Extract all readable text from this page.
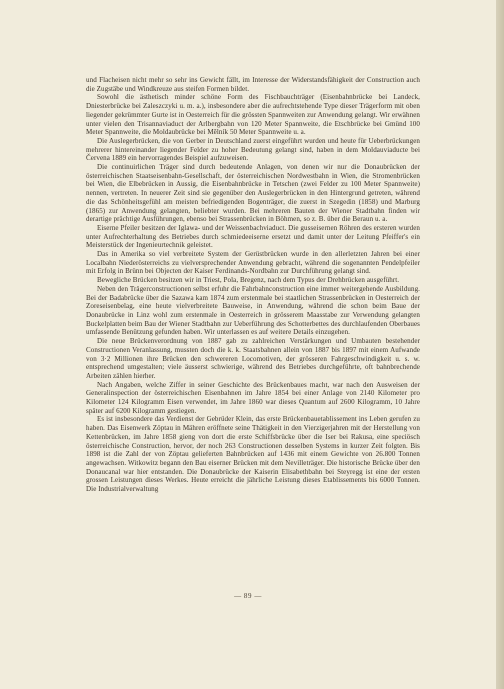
und Flacheisen nicht mehr so sehr ins Gewicht fällt, im Interesse der Widerstandsfähigkeit der Construction auch die Zugstäbe und Windkreuze aus steifen Formen bildet.

Sowohl die ästhetisch minder schöne Form des Fischbauchträger (Eisenbahnbrücke bei Landeck, Dniesterbrücke bei Zaleszczyki u. m. a.), insbesondere aber die aufrechtstehende Type dieser Trägerform mit oben liegender gekrümmter Gurte ist in Oesterreich für die grössten Spannweiten zur Anwendung gelangt. Wir erwähnen unter vielen den Trisannaviaduct der Arlbergbahn von 120 Meter Spannweite, die Etschbrücke bei Gmünd 100 Meter Spannweite, die Moldaubrücke bei Mělník 50 Meter Spannweite u. a.

Die Auslegerbrücken, die von Gerber in Deutschland zuerst eingeführt wurden und heute für Ueberbrückungen mehrerer hintereinander liegender Felder zu hoher Bedeutung gelangt sind, haben in dem Moldauviaducte bei Červena 1889 ein hervorragendes Beispiel aufzuweisen.

Die continuirlichen Träger sind durch bedeutende Anlagen, von denen wir nur die Donaubrücken der österreichischen Staatseisenbahn-Gesellschaft, der österreichischen Nordwestbahn in Wien, die Stromenbrücken bei Wien, die Elbebrücken in Aussig, die Eisenbahnbrücke in Tetschen (zwei Felder zu 100 Meter Spannweite) nennen, vertreten. In neuerer Zeit sind sie gegenüber den Auslegerbrücken in den Hintergrund getreten, während die das Schönheitsgefühl am meisten befriedigenden Bogenträger, die zuerst in Szegedin (1858) und Marburg (1865) zur Anwendung gelangten, beliebter wurden. Bei mehreren Bauten der Wiener Stadtbahn finden wir derartige prächtige Ausführungen, ebenso bei Strassenbrücken in Böhmen, so z. B. über die Beraun u. a.

Eiserne Pfeiler besitzen der Iglawa- und der Weissenbachviaduct. Die gusseisernen Röhren des ersteren wurden unter Aufrechterhaltung des Betriebes durch schmiedeeiserne ersetzt und damit unter der Leitung Pfeiffer's ein Meisterstück der Ingenieurtechnik geleistet.

Das in Amerika so viel verbreitete System der Gerüstbrücken wurde in den allerletzten Jahren bei einer Localbahn Niederösterreichs zu vielversprechender Anwendung gebracht, während die sogenannten Pendelpfeiler mit Erfolg in Brünn bei Objecten der Kaiser Ferdinands-Nordbahn zur Durchführung gelangt sind.

Bewegliche Brücken besitzen wir in Triest, Pola, Bregenz, nach dem Typus der Drehbrücken ausgeführt.

Neben den Trägerconstructionen selbst erfuhr die Fahrbahnconstruction eine immer weitergehende Ausbildung. Bei der Badabrücke über die Sazawa kam 1874 zum erstenmale bei staatlichen Strassenbrücken in Oesterreich der Zoreseisenbelag, eine heute vielverbreitete Bauweise, in Anwendung, während die schon beim Baue der Donaubrücke in Linz wohl zum erstenmale in Oesterreich in grösserem Maasstabe zur Verwendung gelangten Buckelplatten beim Bau der Wiener Stadtbahn zur Ueberführung des Schotterbettes des durchlaufenden Oberbaues umfassende Benützung gefunden haben. Wir unterlassen es auf weitere Details einzugehen.

Die neue Brückenverordnung von 1887 gab zu zahlreichen Verstärkungen und Umbauten bestehender Constructionen Veranlassung, mussten doch die k. k. Staatsbahnen allein von 1887 bis 1897 mit einem Aufwande von 3·2 Millionen ihre Brücken den schwereren Locomotiven, der grösseren Fahrgeschwindigkeit u. s. w. entsprechend umgestalten; viele äusserst schwierige, während des Betriebes durchgeführte, oft bahnbrechende Arbeiten zählen hierher.

Nach Angaben, welche Ziffer in seiner Geschichte des Brückenbaues macht, war nach den Ausweisen der Generalinspection der österreichischen Eisenbahnen im Jahre 1854 bei einer Anlage von 2140 Kilometer pro Kilometer 124 Kilogramm Eisen verwendet, im Jahre 1860 war dieses Quantum auf 2600 Kilogramm, 10 Jahre später auf 6200 Kilogramm gestiegen.

Es ist insbesondere das Verdienst der Gebrüder Klein, das erste Brückenbauetablissement ins Leben gerufen zu haben. Das Eisenwerk Zöptau in Mähren eröffnete seine Thätigkeit in den Vierzigerjahren mit der Herstellung von Kettenbrücken, im Jahre 1858 gieng von dort die erste Schiffsbrücke über die Iser bei Rakusa, eine speciösch österreichische Construction, hervor, der noch 263 Constructionen desselben Systems in kurzer Zeit folgten. Bis 1898 ist die Zahl der von Zöptau gelieferten Bahnbrücken auf 1436 mit einem Gewichte von 26.800 Tonnen angewachsen. Witkowitz begann den Bau eiserner Brücken mit dem Nevilleträger. Die historische Brücke über den Donaucanal war hier entstanden. Die Donaubrücke der Kaiserin Elisabethbahn bei Steyregg ist eine der ersten grossen Leistungen dieses Werkes. Heute erreicht die jährliche Leistung dieses Etablissements bis 6000 Tonnen. Die Industrialverwaltung

— 89 —
